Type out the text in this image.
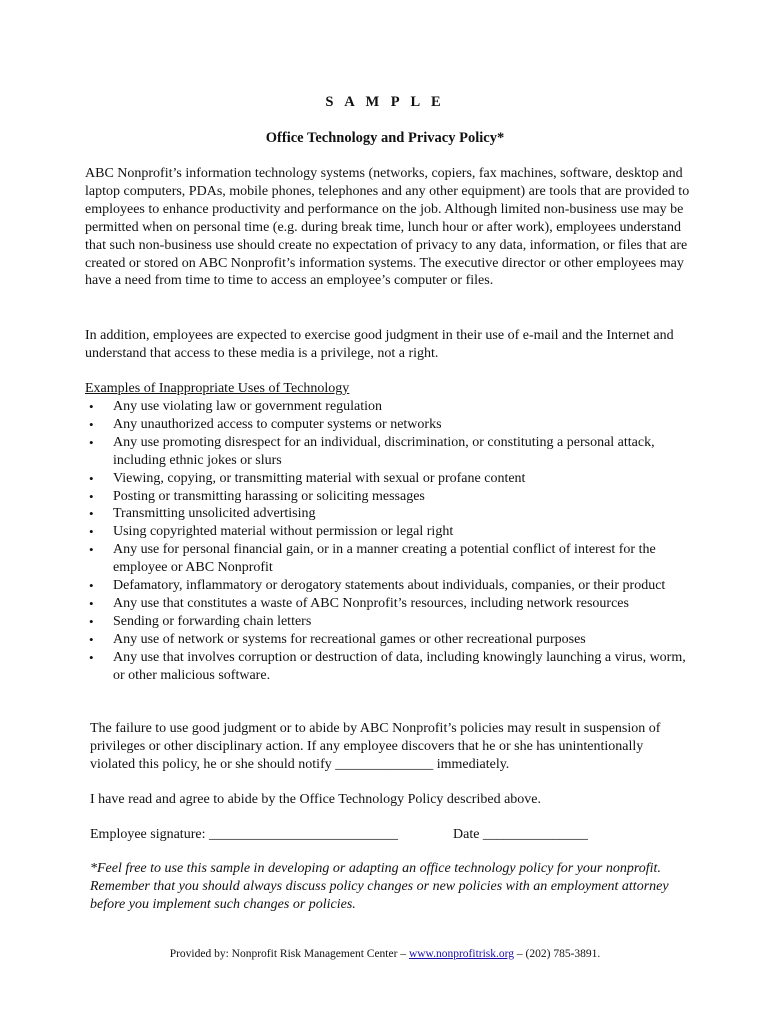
S A M P L E
Office Technology and Privacy Policy*
ABC Nonprofit’s information technology systems (networks, copiers, fax machines, software, desktop and laptop computers, PDAs, mobile phones, telephones and any other equipment) are tools that are provided to employees to enhance productivity and performance on the job. Although limited non-business use may be permitted when on personal time (e.g. during break time, lunch hour or after work), employees understand that such non-business use should create no expectation of privacy to any data, information, or files that are created or stored on ABC Nonprofit’s information systems. The executive director or other employees may have a need from time to time to access an employee’s computer or files.
In addition, employees are expected to exercise good judgment in their use of e-mail and the Internet and understand that access to these media is a privilege, not a right.
Examples of Inappropriate Uses of Technology
• Any use violating law or government regulation
• Any unauthorized access to computer systems or networks
• Any use promoting disrespect for an individual, discrimination, or constituting a personal attack, including ethnic jokes or slurs
• Viewing, copying, or transmitting material with sexual or profane content
• Posting or transmitting harassing or soliciting messages
• Transmitting unsolicited advertising
• Using copyrighted material without permission or legal right
• Any use for personal financial gain, or in a manner creating a potential conflict of interest for the employee or ABC Nonprofit
• Defamatory, inflammatory or derogatory statements about individuals, companies, or their product
• Any use that constitutes a waste of ABC Nonprofit’s resources, including network resources
• Sending or forwarding chain letters
• Any use of network or systems for recreational games or other recreational purposes
• Any use that involves corruption or destruction of data, including knowingly launching a virus, worm, or other malicious software.
The failure to use good judgment or to abide by ABC Nonprofit’s policies may result in suspension of privileges or other disciplinary action. If any employee discovers that he or she has unintentionally violated this policy, he or she should notify ______________ immediately.
I have read and agree to abide by the Office Technology Policy described above.
Employee signature: ___________________________	Date _______________
*Feel free to use this sample in developing or adapting an office technology policy for your nonprofit. Remember that you should always discuss policy changes or new policies with an employment attorney before you implement such changes or policies.
Provided by: Nonprofit Risk Management Center – www.nonprofitrisk.org – (202) 785-3891.
